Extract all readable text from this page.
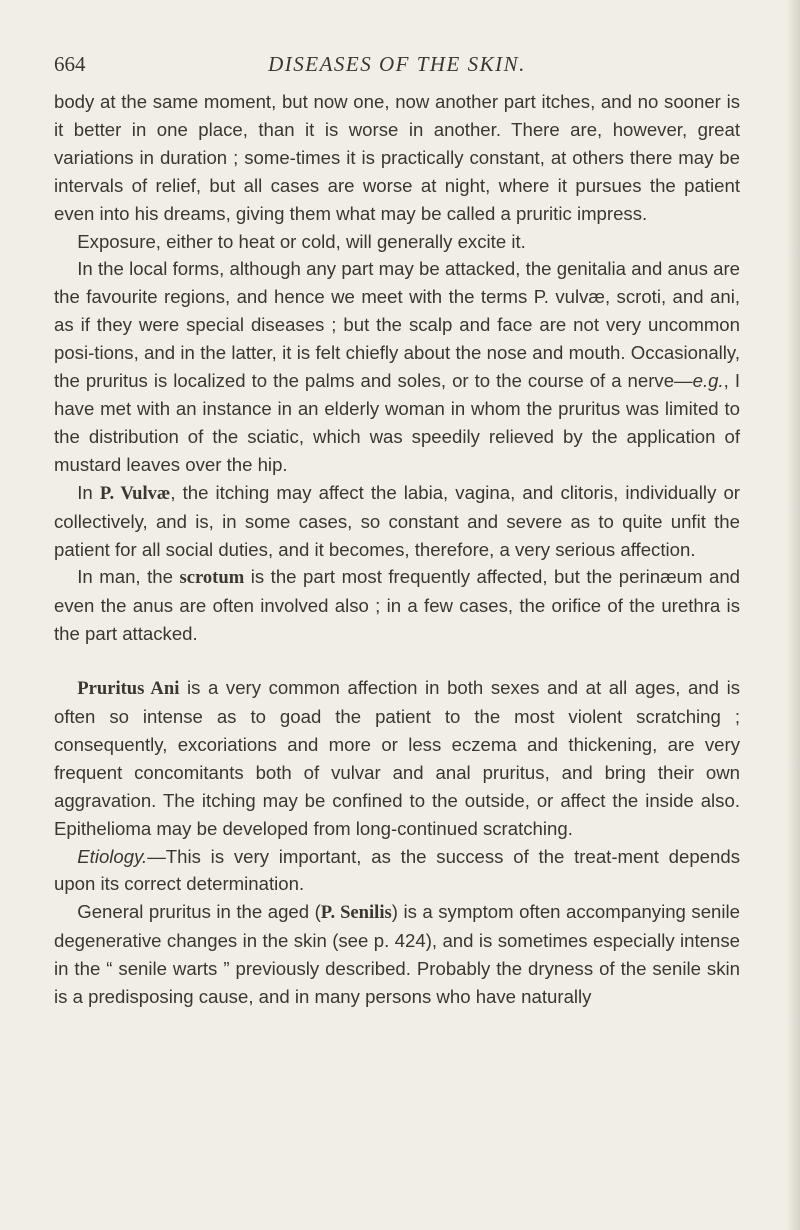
664	DISEASES OF THE SKIN.

body at the same moment, but now one, now another part itches, and no sooner is it better in one place, than it is worse in another. There are, however, great variations in duration ; some-times it is practically constant, at others there may be intervals of relief, but all cases are worse at night, where it pursues the patient even into his dreams, giving them what may be called a pruritic impress.

Exposure, either to heat or cold, will generally excite it.

In the local forms, although any part may be attacked, the genitalia and anus are the favourite regions, and hence we meet with the terms P. vulvæ, scroti, and ani, as if they were special diseases ; but the scalp and face are not very uncommon posi-tions, and in the latter, it is felt chiefly about the nose and mouth. Occasionally, the pruritus is localized to the palms and soles, or to the course of a nerve—e.g., I have met with an instance in an elderly woman in whom the pruritus was limited to the distribution of the sciatic, which was speedily relieved by the application of mustard leaves over the hip.

In P. Vulvæ, the itching may affect the labia, vagina, and clitoris, individually or collectively, and is, in some cases, so constant and severe as to quite unfit the patient for all social duties, and it becomes, therefore, a very serious affection.

In man, the scrotum is the part most frequently affected, but the perinæum and even the anus are often involved also ; in a few cases, the orifice of the urethra is the part attacked.

Pruritus Ani is a very common affection in both sexes and at all ages, and is often so intense as to goad the patient to the most violent scratching ; consequently, excoriations and more or less eczema and thickening, are very frequent concomitants both of vulvar and anal pruritus, and bring their own aggravation. The itching may be confined to the outside, or affect the inside also. Epithelioma may be developed from long-continued scratching.

Etiology.—This is very important, as the success of the treat-ment depends upon its correct determination.

General pruritus in the aged (P. Senilis) is a symptom often accompanying senile degenerative changes in the skin (see p. 424), and is sometimes especially intense in the “ senile warts ” previously described. Probably the dryness of the senile skin is a predisposing cause, and in many persons who have naturally
